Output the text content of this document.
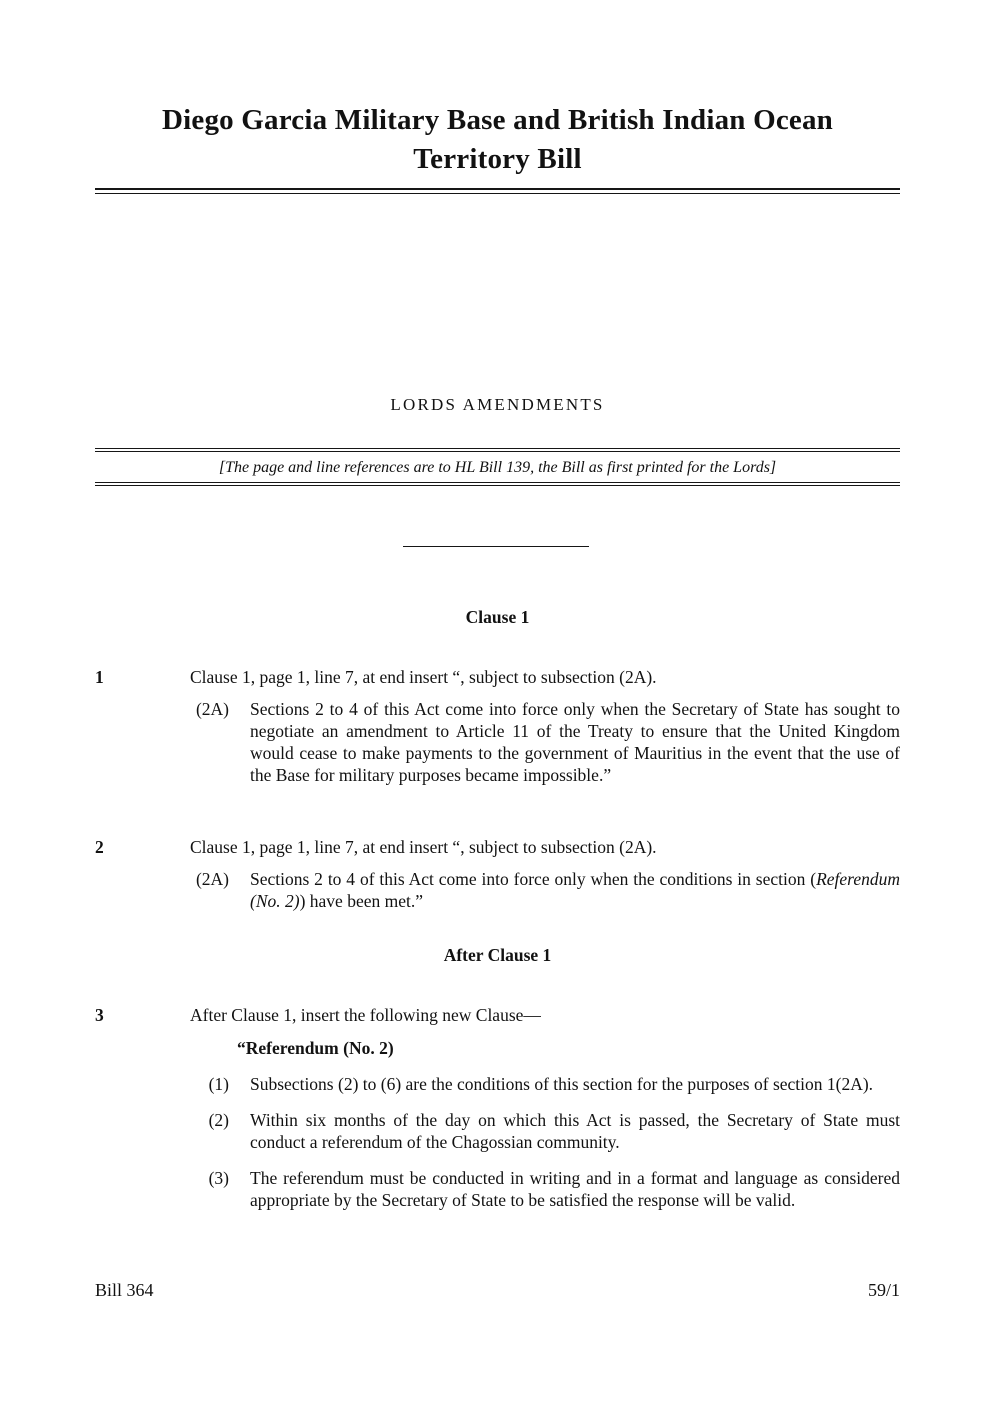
Diego Garcia Military Base and British Indian Ocean
Territory Bill
LORDS AMENDMENTS
[The page and line references are to HL Bill 139, the Bill as first printed for the Lords]
Clause 1
1	Clause 1, page 1, line 7, at end insert “, subject to subsection (2A).
(2A)	Sections 2 to 4 of this Act come into force only when the Secretary of State has sought to negotiate an amendment to Article 11 of the Treaty to ensure that the United Kingdom would cease to make payments to the government of Mauritius in the event that the use of the Base for military purposes became impossible.”
2	Clause 1, page 1, line 7, at end insert “, subject to subsection (2A).
(2A)	Sections 2 to 4 of this Act come into force only when the conditions in section (Referendum (No. 2)) have been met.”
After Clause 1
3	After Clause 1, insert the following new Clause—
“Referendum (No. 2)
(1)	Subsections (2) to (6) are the conditions of this section for the purposes of section 1(2A).
(2)	Within six months of the day on which this Act is passed, the Secretary of State must conduct a referendum of the Chagossian community.
(3)	The referendum must be conducted in writing and in a format and language as considered appropriate by the Secretary of State to be satisfied the response will be valid.
Bill 364	59/1
